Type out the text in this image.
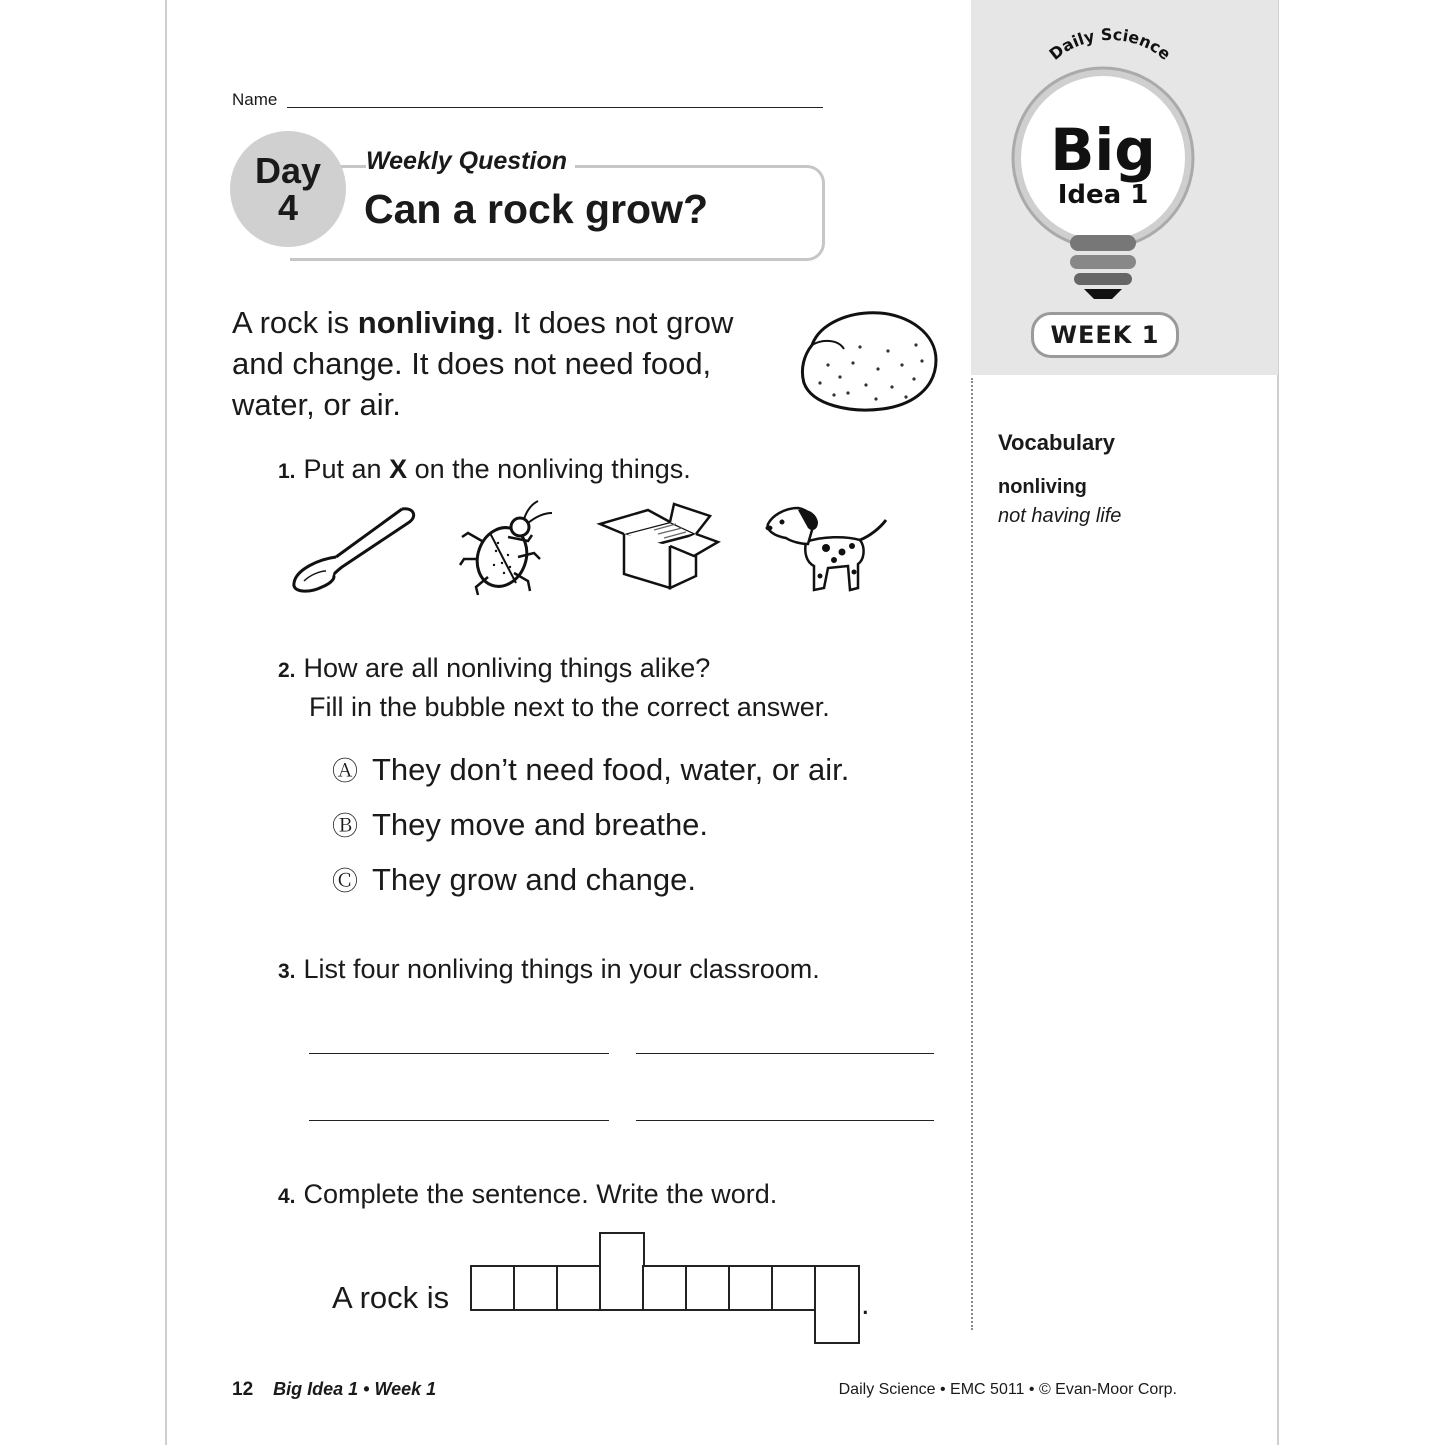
Name
Day
4
Weekly Question
Can a rock grow?
A rock is nonliving. It does not grow and change. It does not need food, water, or air.
1. Put an X on the nonliving things.
2. How are all nonliving things alike?
Fill in the bubble next to the correct answer.
Ⓐ They don’t need food, water, or air.
Ⓑ They move and breathe.
Ⓒ They grow and change.
3. List four nonliving things in your classroom.
4. Complete the sentence. Write the word.
A rock is	.
Daily Science
Big
Idea 1
WEEK 1
Vocabulary
nonliving
not having life
12 Big Idea 1 • Week 1	Daily Science • EMC 5011 • © Evan-Moor Corp.
